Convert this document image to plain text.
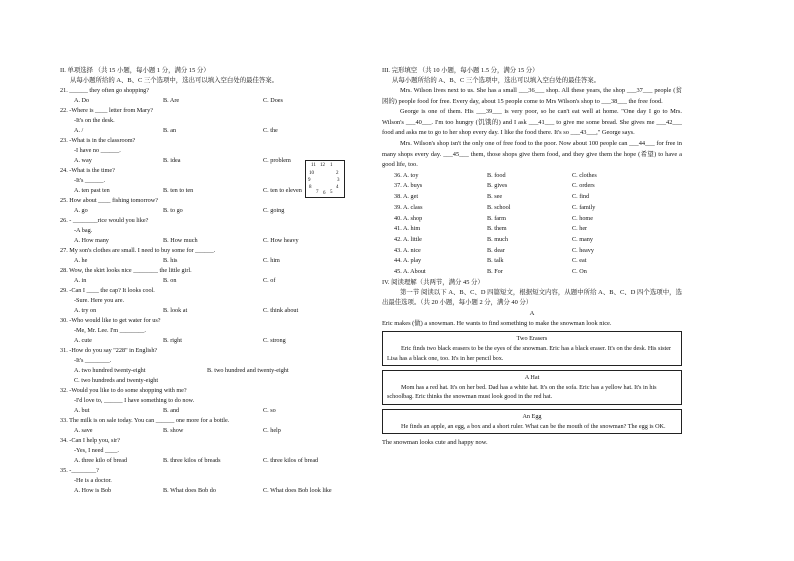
II. 单项选择 （共 15 小题，每小题 1 分，满分 15 分）
从每小题所给的 A、B、C 三个选项中，选出可以填入空白处的最佳答案。
21. ______ they often go shopping?
A. Do	B. Are	C. Does
22. -Where is ____ letter from Mary?
-It's on the desk.
A. /	B. an	C. the
23. -What is in the classroom?
-I have no ______.
A. way	B. idea	C. problem
24. -What is the time?
-It's ______.
A. ten past ten	B. ten to ten	C. ten to eleven
25. How about ____ fishing tomorrow?
A. go	B. to go	C. going
26. - ________rice would you like?
-A bag.
A. How many	B. How much	C. How heavy
27. My son's clothes are small. I need to buy some for ______.
A. he	B. his	C. him
28. Wow, the skirt looks nice ________ the little girl.
A. in	B. on	C. of
29. -Can I ____ the cap? It looks cool.
-Sure. Here you are.
A. try on	B. look at	C. think about
30. -Who would like to get water for us?
-Me, Mr. Lee. I'm ________.
A. cute	B. right	C. strong
31. -How do you say "228" in English?
-It's ________.
A. two hundred twenty-eight	B. two hundred and twenty-eight
C. two hundreds and twenty-eight
32. -Would you like to do some shopping with me?
-I'd love to, ______ I have something to do now.
A. but	B. and	C. so
33. The milk is on sale today. You can ______ one more for a bottle.
A. save	B. show	C. help
34. -Can I help you, sir?
-Yes, I need ____.
A. three kilo of bread	B. three kilos of breads	C. three kilos of bread
35. -________?
-He is a doctor.
A. How is Bob	B. What does Bob do	C. What does Bob look like
11 12 1
10	2
9	3
8	4
7 6 5
III. 完形填空 （共 10 小题，每小题 1.5 分，满分 15 分）
从每小题所给的 A、B、C 三个选项中，选出可以填入空白处的最佳答案。
Mrs. Wilson lives next to us. She has a small ___36___ shop. All these years, the shop ___37___ people (贫困的) people food for free. Every day, about 15 people come to Mrs Wilson's shop to ___38___ the free food.
George is one of them. His ___39___ is very poor, so he can't eat well at home. "One day I go to Mrs. Wilson's ___40___. I'm too hungry (饥饿的) and I ask ___41___ to give me some bread. She gives me ___42___ food and asks me to go to her shop every day. I like the food there. It's so ___43___," George says.
Mrs. Wilson's shop isn't the only one of free food to the poor. Now about 100 people can ___44___ for free in many shops every day. ___45___ them, those shops give them food, and they give them the hope (希望) to have a good life, too.
36. A. toy	B. food	C. clothes
37. A. buys	B. gives	C. orders
38. A. get	B. see	C. find
39. A. class	B. school	C. family
40. A. shop	B. farm	C. home
41. A. him	B. them	C. her
42. A. little	B. much	C. many
43. A. nice	B. dear	C. heavy
44. A. play	B. talk	C. eat
45. A. About	B. For	C. On
IV. 阅读理解（共两节，满分 45 分）
第一节 阅读以下 A、B、C、D 四篇短文，根据短文内容，从题中所给 A、B、C、D 四个选项中，选出最佳选项。（共 20 小题，每小题 2 分，满分 40 分）
A
Eric makes (做) a snowman. He wants to find something to make the snowman look nice.
Two Erasers
Eric finds two black erasers to be the eyes of the snowman. Eric has a black eraser. It's on the desk. His sister Lisa has a black one, too. It's in her pencil box.
A Hat
Mom has a red hat. It's on her bed. Dad has a white hat. It's on the sofa. Eric has a yellow hat. It's in his schoolbag. Eric thinks the snowman must look good in the red hat.
An Egg
He finds an apple, an egg, a box and a short ruler. What can be the mouth of the snowman? The egg is OK.
The snowman looks cute and happy now.
